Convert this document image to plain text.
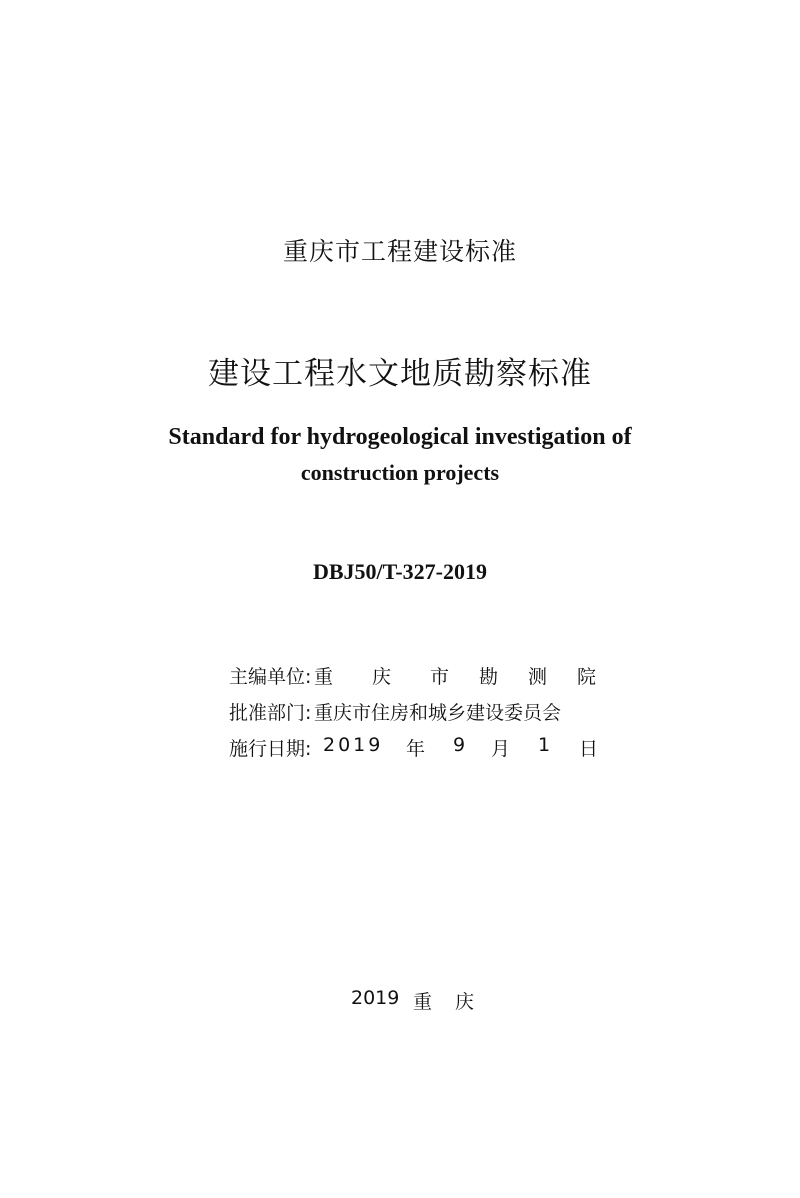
重庆市工程建设标准
建设工程水文地质勘察标准
Standard for hydrogeological investigation of
construction projects
DBJ50/T-327-2019
主编单位: 重 庆 市 勘 测 院
批准部门: 重庆市住房和城乡建设委员会
施行日期: 2019 年 9 月 1 日
2019 重 庆
